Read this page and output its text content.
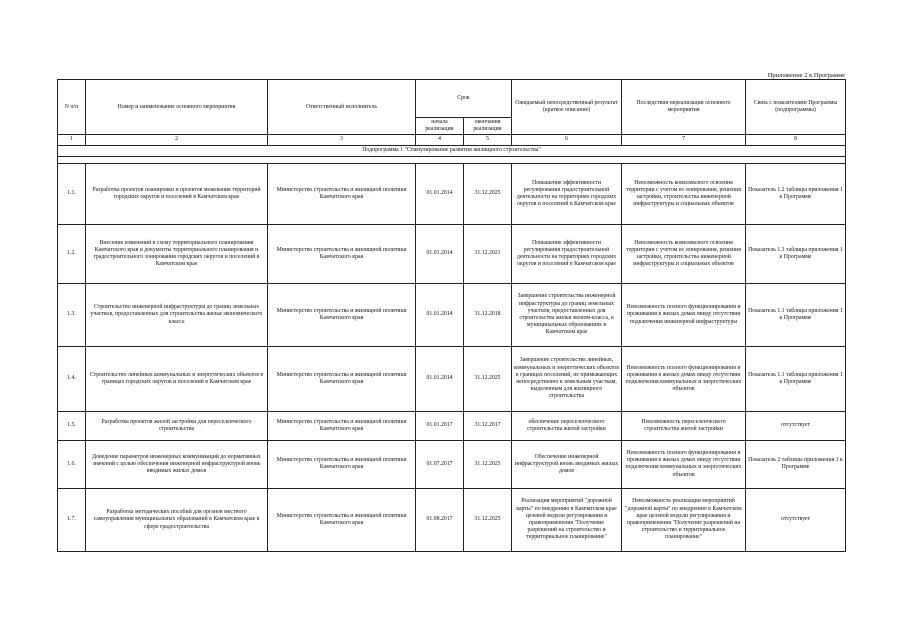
Приложение 2 к Программе
N п/п	Номер и наименование основного мероприятия	Ответственный исполнитель	Срок		Ожидаемый непосредственный результат (краткое описание)	Последствия нереализации основного мероприятия	Связь с показателями Программы (подпрограммы)
			начала реализации	окончания реализации			
1	2	3	4	5	6	7	8
Подпрограмма 1 "Стимулирование развития жилищного строительства"							

1.1.	Разработка проектов планировки и проектов межевания территорий городских округов и поселений в Камчатском крае	Министерство строительства и жилищной политики Камчатского края	01.01.2014	31.12.2025	Повышение эффективности регулирования градостроительной деятельности на территориях городских округов и поселений в Камчатском крае	Невозможность комплексного освоения территории с учетом ее зонирования, решения застройки, строительства инженерной инфраструктуры и социальных объектов	Показатель 1.2 таблицы приложения 1 к Программе
1.2.	Внесение изменений в схему территориального планирования Камчатского края и документы территориального планирования и градостроительного зонирования городских округов и поселений в Камчатском крае	Министерство строительства и жилищной политики Камчатского края	01.01.2014	31.12.2021	Повышение эффективности регулирования градостроительной деятельности на территориях городских округов и поселений в Камчатском крае	Невозможность комплексного освоения территории с учетом ее зонирования, решения застройки, строительства инженерной инфраструктуры и социальных объектов	Показатель 1.3 таблицы приложения 1 к Программе
1.3.	Строительство инженерной инфраструктуры до границ земельных участков, предоставленных для строительства жилья экономического класса	Министерство строительства и жилищной политики Камчатского края	01.01.2014	31.12.2018	Завершение строительства инженерной инфраструктуры до границ земельных участков, предоставленных для строительства жилья эконом-класса, в муниципальных образованиях в Камчатском крае	Невозможность полного функционирования и проживания в жилых домах ввиду отсутствия подключения инженерной инфраструктуры	Показатель 1.1 таблицы приложения 1 к Программе
1.4.	Строительство линейных коммунальных и энергетических объектов в границах городских округов и поселений в Камчатском крае	Министерство строительства и жилищной политики Камчатского края	01.01.2014	31.12.2025	Завершение строительства линейных, коммунальных и энергетических объектов в границах поселений, не примыкающих непосредственно к земельным участкам, выделенным для жилищного строительства	Невозможность полного функционирования и проживания в жилых домах ввиду отсутствия подключения коммунальных и энергетических объектов	Показатель 1.1 таблицы приложения 1 к Программе
1.5.	Разработка проектов жилой застройки для переселенческого строительства	Министерство строительства и жилищной политики Камчатского края	01.01.2017	31.12.2017	обеспечение переселенческого строительства жилой застройки	Невозможность переселенческого строительства жилой застройки	отсутствует
1.6.	Доведение параметров инженерных коммуникаций до нормативных значений с целью обеспечения инженерной инфраструктурой вновь вводимых жилых домов	Министерство строительства и жилищной политики Камчатского края	01.07.2017	31.12.2025	Обеспечение инженерной инфраструктурой вновь вводимых жилых домов	Невозможность полного функционирования и проживания в жилых домах ввиду отсутствия подключения коммунальных и энергетических объектов	Показатель 2 таблицы приложения 1 к Программе
1.7.	Разработка методических пособий для органов местного самоуправления муниципальных образований в Камчатском крае в сфере градостроительства	Министерство строительства и жилищной политики Камчатского края	01.08.2017	31.12.2025	Реализация мероприятий "дорожной карты" по внедрению в Камчатском крае целевой модели регулирования и правоприменения "Получение разрешений на строительство и территориальное планирование"	Невозможность реализации мероприятий "дорожной карты" по внедрению в Камчатском крае целевой модели регулирования и правоприменения "Получение разрешений на строительство и территориальное планирование"	отсутствует
